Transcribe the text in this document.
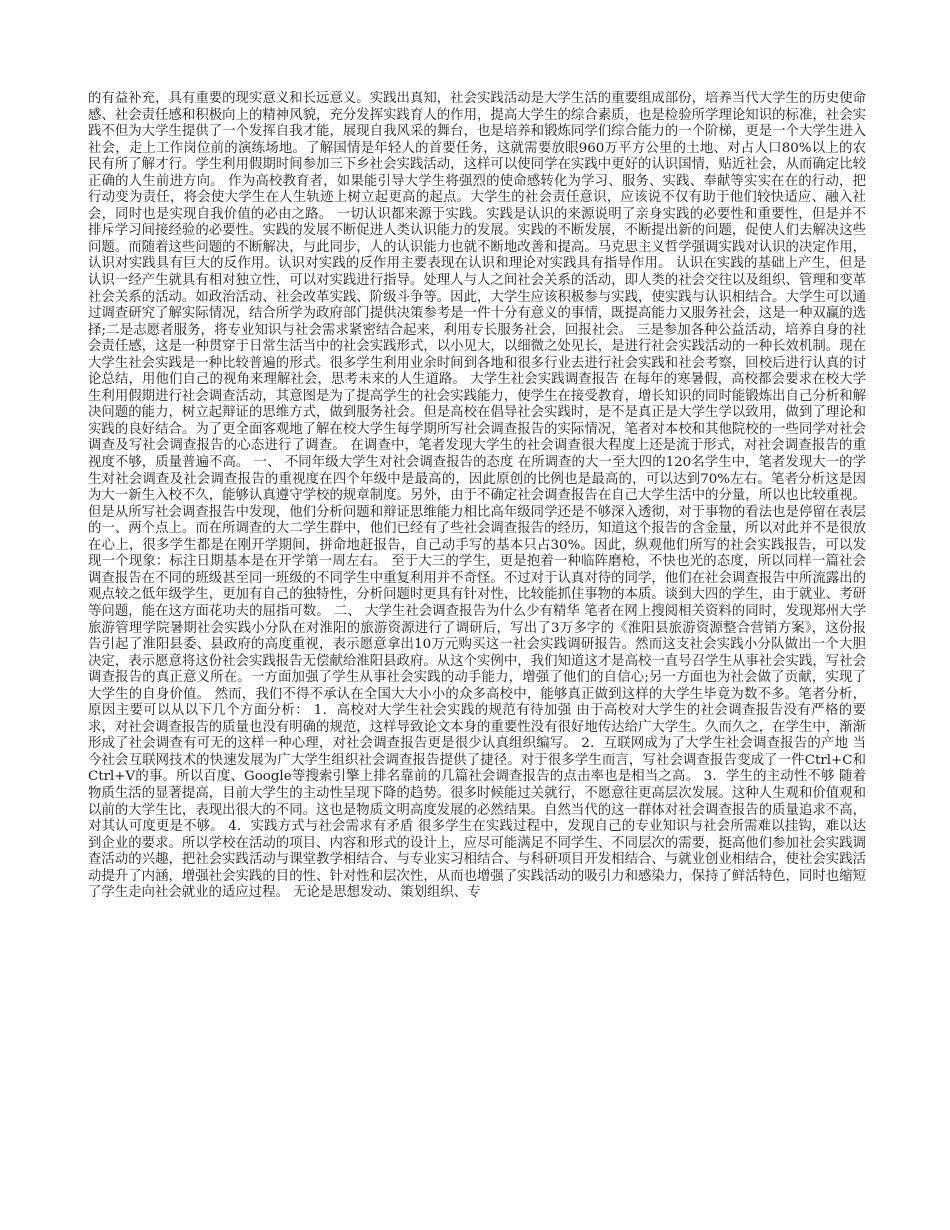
的有益补充，具有重要的现实意义和长远意义。实践出真知，社会实践活动是大学生活的重要组成部份，培养当代大学生的历史使命感、社会责任感和积极向上的精神风貌，充分发挥实践育人的作用，提高大学生的综合素质，也是检验所学理论知识的标准，社会实践不但为大学生提供了一个发挥自我才能，展现自我风采的舞台，也是培养和锻炼同学们综合能力的一个阶梯，更是一个大学生进入社会，走上工作岗位前的演练场地。了解国情是年轻人的首要任务，这就需要放眼960万平方公里的土地、对占人口80%以上的农民有所了解才行。学生利用假期时间参加三下乡社会实践活动，这样可以使同学在实践中更好的认识国情，贴近社会，从而确定比较正确的人生前进方向。 作为高校教育者，如果能引导大学生将强烈的使命感转化为学习、服务、实践、奉献等实实在在的行动，把行动变为责任，将会使大学生在人生轨迹上树立起更高的起点。大学生的社会责任意识，应该说不仅有助于他们较快适应、融入社会，同时也是实现自我价值的必由之路。 一切认识都来源于实践。实践是认识的来源说明了亲身实践的必要性和重要性，但是并不排斥学习间接经验的必要性。实践的发展不断促进人类认识能力的发展。实践的不断发展，不断提出新的问题，促使人们去解决这些问题。而随着这些问题的不断解决，与此同步，人的认识能力也就不断地改善和提高。马克思主义哲学强调实践对认识的决定作用，认识对实践具有巨大的反作用。认识对实践的反作用主要表现在认识和理论对实践具有指导作用。 认识在实践的基础上产生，但是认识一经产生就具有相对独立性，可以对实践进行指导。处理人与人之间社会关系的活动，即人类的社会交往以及组织、管理和变革社会关系的活动。如政治活动、社会改革实践、阶级斗争等。因此，大学生应该积极参与实践，使实践与认识相结合。大学生可以通过调查研究了解实际情况，结合所学为政府部门提供决策参考是一件十分有意义的事情，既提高能力又服务社会，这是一种双赢的选择;二是志愿者服务，将专业知识与社会需求紧密结合起来，利用专长服务社会，回报社会。 三是参加各种公益活动，培养自身的社会责任感，这是一种贯穿于日常生活当中的社会实践形式，以小见大，以细微之处见长，是进行社会实践活动的一种长效机制。现在大学生社会实践是一种比较普遍的形式。很多学生利用业余时间到各地和很多行业去进行社会实践和社会考察，回校后进行认真的讨论总结，用他们自己的视角来理解社会，思考未来的人生道路。 大学生社会实践调查报告 在每年的寒暑假，高校都会要求在校大学生利用假期进行社会调查活动，其意图是为了提高学生的社会实践能力，使学生在接受教育，增长知识的同时能锻炼出自己分析和解决问题的能力，树立起辩证的思维方式，做到服务社会。但是高校在倡导社会实践时，是不是真正是大学生学以致用，做到了理论和实践的良好结合。为了更全面客观地了解在校大学生每学期所写社会调查报告的实际情况，笔者对本校和其他院校的一些同学对社会调查及写社会调查报告的心态进行了调查。 在调查中，笔者发现大学生的社会调查很大程度上还是流于形式，对社会调查报告的重视度不够，质量普遍不高。 一、 不同年级大学生对社会调查报告的态度 在所调查的大一至大四的120名学生中，笔者发现大一的学生对社会调查及社会调查报告的重视度在四个年级中是最高的，因此原创的比例也是最高的，可以达到70%左右。笔者分析这是因为大一新生入校不久，能够认真遵守学校的规章制度。另外，由于不确定社会调查报告在自己大学生活中的分量，所以也比较重视。但是从所写社会调查报告中发现，他们分析问题和辩证思维能力相比高年级同学还是不够深入透彻，对于事物的看法也是停留在表层的一、两个点上。而在所调查的大二学生群中，他们已经有了些社会调查报告的经历，知道这个报告的含金量，所以对此并不是很放在心上，很多学生都是在刚开学期间，拼命地赶报告，自己动手写的基本只占30%。因此，纵观他们所写的社会实践报告，可以发现一个现象：标注日期基本是在开学第一周左右。 至于大三的学生，更是抱着一种临阵磨枪，不快也光的态度，所以同样一篇社会调查报告在不同的班级甚至同一班级的不同学生中重复利用并不奇怪。不过对于认真对待的同学，他们在社会调查报告中所流露出的观点较之低年级学生，更加有自己的独特性，分析问题时更具有针对性，比较能抓住事物的本质。谈到大四的学生，由于就业、考研等问题，能在这方面花功夫的屈指可数。 二、 大学生社会调查报告为什么少有精华 笔者在网上搜阅相关资料的同时，发现郑州大学旅游管理学院暑期社会实践小分队在对淮阳的旅游资源进行了调研后，写出了3万多字的《淮阳县旅游资源整合营销方案》，这份报告引起了淮阳县委、县政府的高度重视，表示愿意拿出10万元购买这一社会实践调研报告。然而这支社会实践小分队做出一个大胆决定，表示愿意将这份社会实践报告无偿献给淮阳县政府。从这个实例中，我们知道这才是高校一直号召学生从事社会实践，写社会调查报告的真正意义所在。一方面加强了学生从事社会实践的动手能力，增强了他们的自信心;另一方面也为社会做了贡献，实现了大学生的自身价值。 然而，我们不得不承认在全国大大小小的众多高校中，能够真正做到这样的大学生毕竟为数不多。笔者分析，原因主要可以从以下几个方面分析： 1．高校对大学生社会实践的规范有待加强 由于高校对大学生的社会调查报告没有严格的要求，对社会调查报告的质量也没有明确的规范，这样导致论文本身的重要性没有很好地传达给广大学生。久而久之，在学生中，渐渐形成了社会调查有可无的这样一种心理，对社会调查报告更是很少认真组织编写。 2．互联网成为了大学生社会调查报告的产地 当今社会互联网技术的快速发展为广大学生组织社会调查报告提供了捷径。对于很多学生而言，写社会调查报告变成了一件Ctrl+C和Ctrl+V的事。所以百度、Google等搜索引擎上排名靠前的几篇社会调查报告的点击率也是相当之高。 3．学生的主动性不够 随着物质生活的显著提高，目前大学生的主动性呈现下降的趋势。很多时候能过关就行，不愿意往更高层次发展。这种人生观和价值观和以前的大学生比，表现出很大的不同。这也是物质文明高度发展的必然结果。自然当代的这一群体对社会调查报告的质量追求不高，对其认可度更是不够。 4．实践方式与社会需求有矛盾 很多学生在实践过程中，发现自己的专业知识与社会所需难以挂钩，难以达到企业的要求。所以学校在活动的项目、内容和形式的设计上，应尽可能满足不同学生、不同层次的需要，挺高他们参加社会实践调查活动的兴趣，把社会实践活动与课堂教学相结合、与专业实习相结合、与科研项目开发相结合、与就业创业相结合，使社会实践活动提升了内涵，增强社会实践的目的性、针对性和层次性，从而也增强了实践活动的吸引力和感染力，保持了鲜活特色，同时也缩短了学生走向社会就业的适应过程。 无论是思想发动、策划组织、专
